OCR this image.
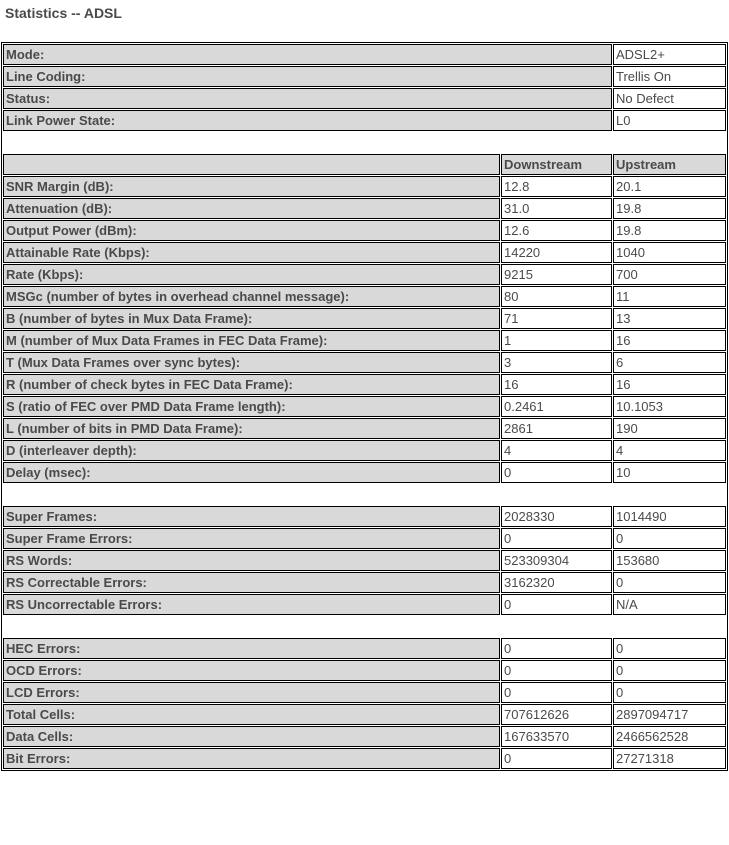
Statistics -- ADSL
Mode:		ADSL2+
Line Coding:		Trellis On
Status:		No Defect
Link Power State:		L0

	Downstream	Upstream
SNR Margin (dB):	12.8	20.1
Attenuation (dB):	31.0	19.8
Output Power (dBm):	12.6	19.8
Attainable Rate (Kbps):	14220	1040
Rate (Kbps):	9215	700
MSGc (number of bytes in overhead channel message):	80	11
B (number of bytes in Mux Data Frame):	71	13
M (number of Mux Data Frames in FEC Data Frame):	1	16
T (Mux Data Frames over sync bytes):	3	6
R (number of check bytes in FEC Data Frame):	16	16
S (ratio of FEC over PMD Data Frame length):	0.2461	10.1053
L (number of bits in PMD Data Frame):	2861	190
D (interleaver depth):	4	4
Delay (msec):	0	10

Super Frames:	2028330	1014490
Super Frame Errors:	0	0
RS Words:	523309304	153680
RS Correctable Errors:	3162320	0
RS Uncorrectable Errors:	0	N/A

HEC Errors:	0	0
OCD Errors:	0	0
LCD Errors:	0	0
Total Cells:	707612626	2897094717
Data Cells:	167633570	2466562528
Bit Errors:	0	27271318
